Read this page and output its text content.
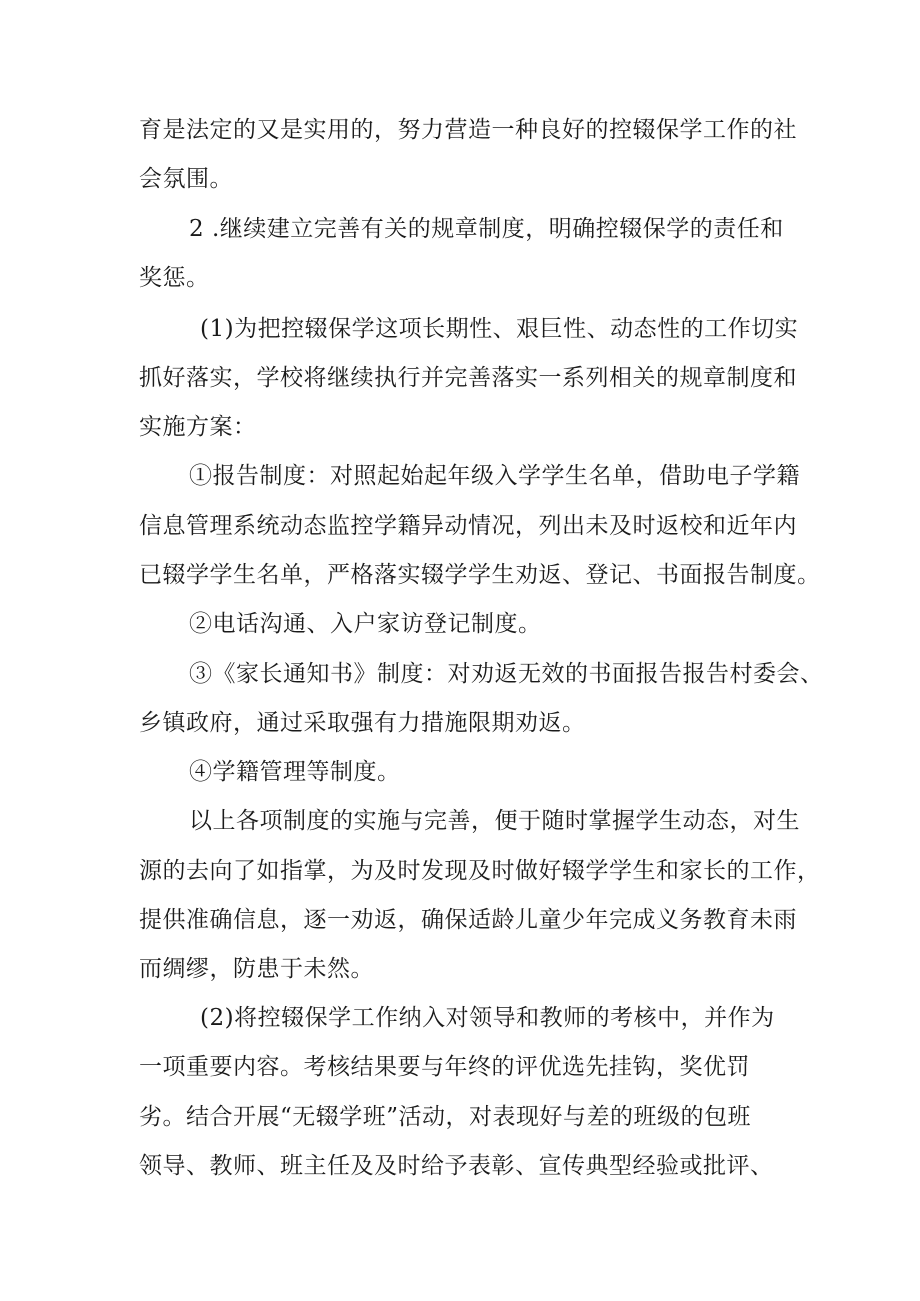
育是法定的又是实用的，努力营造一种良好的控辍保学工作的社
会氛围。
2 .继续建立完善有关的规章制度，明确控辍保学的责任和
奖惩。
(1)为把控辍保学这项长期性、艰巨性、动态性的工作切实
抓好落实，学校将继续执行并完善落实一系列相关的规章制度和
实施方案：
①报告制度：对照起始起年级入学学生名单，借助电子学籍
信息管理系统动态监控学籍异动情况，列出未及时返校和近年内
已辍学学生名单，严格落实辍学学生劝返、登记、书面报告制度。
②电话沟通、入户家访登记制度。
③《家长通知书》制度：对劝返无效的书面报告报告村委会、
乡镇政府，通过采取强有力措施限期劝返。
④学籍管理等制度。
以上各项制度的实施与完善，便于随时掌握学生动态，对生
源的去向了如指掌，为及时发现及时做好辍学学生和家长的工作，
提供准确信息，逐一劝返，确保适龄儿童少年完成义务教育未雨
而绸缪，防患于未然。
(2)将控辍保学工作纳入对领导和教师的考核中，并作为
一项重要内容。考核结果要与年终的评优选先挂钩，奖优罚
劣。结合开展“无辍学班”活动，对表现好与差的班级的包班
领导、教师、班主任及及时给予表彰、宣传典型经验或批评、
